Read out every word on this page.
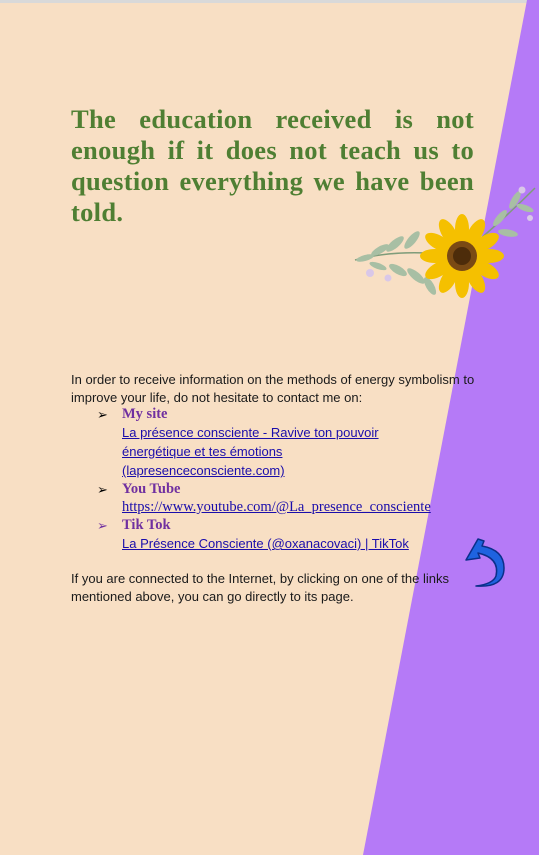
The education received is not enough if it does not teach us to question everything we have been told.

In order to receive information on the methods of energy symbolism to improve your life, do not hesitate to contact me on:

➢ My site
La présence consciente - Ravive ton pouvoir énergétique et tes émotions (lapresenceconsciente.com)
➢ You Tube
https://www.youtube.com/@La_presence_consciente
➢ Tik Tok
La Présence Consciente (@oxanacovaci) | TikTok

If you are connected to the Internet, by clicking on one of the links mentioned above, you can go directly to its page.
